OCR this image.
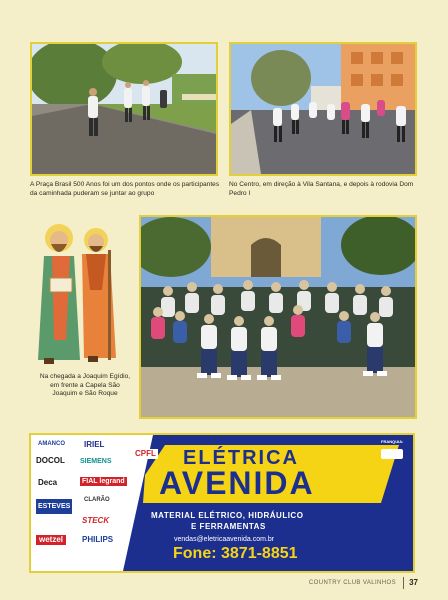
A Praça Brasil 500 Anos foi um dos pontos onde os participantes da caminhada puderam se juntar ao grupo
No Centro, em direção à Vila Santana, e depois à rodovia Dom Pedro I
Na chegada a Joaquim Egídio, em frente a Capela São Joaquim e São Roque
AMANCO IRIEL
DOCOL SIEMENS
Deca	FIAL legrand
CLARÃO
ESTEVES
STECK
wetzel	PHILIPS
PADRÃO:
CPFL
FRANQUIA:
ELÉTRICA
AVENIDA
MATERIAL ELÉTRICO, HIDRÁULICO
E FERRAMENTAS
vendas@eletricaavenida.com.br
Fone: 3871-8851
COUNTRY CLUB VALINHOS 37
